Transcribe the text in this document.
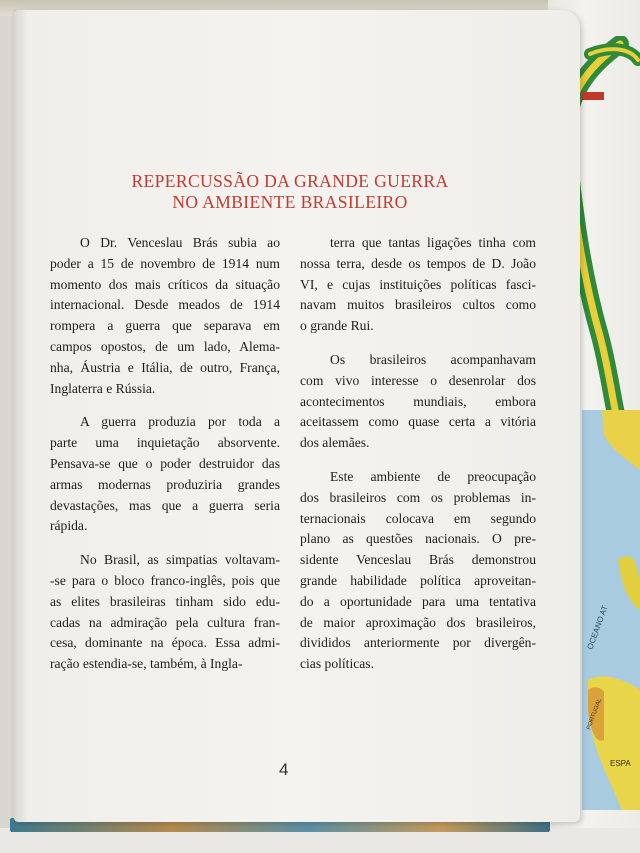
OCEANO AT
PORTUGAL
ESPA
REPERCUSSÃO DA GRANDE GUERRA
NO AMBIENTE BRASILEIRO
O Dr. Venceslau Brás subia ao
poder a 15 de novembro de 1914 num
momento dos mais críticos da situação
internacional. Desde meados de 1914
rompera a guerra que separava em
campos opostos, de um lado, Alema-
nha, Áustria e Itália, de outro, França,
Inglaterra e Rússia.
A guerra produzia por toda a
parte uma inquietação absorvente.
Pensava-se que o poder destruidor das
armas modernas produziria grandes
devastações, mas que a guerra seria
rápida.
No Brasil, as simpatias voltavam-
-se para o bloco franco-inglês, pois que
as elites brasileiras tinham sido edu-
cadas na admiração pela cultura fran-
cesa, dominante na época. Essa admi-
ração estendia-se, também, à Ingla-
terra que tantas ligações tinha com
nossa terra, desde os tempos de D. João
VI, e cujas instituições políticas fasci-
navam muitos brasileiros cultos como
o grande Rui.
Os brasileiros acompanhavam
com vivo interesse o desenrolar dos
acontecimentos mundiais, embora
aceitassem como quase certa a vitória
dos alemães.
Este ambiente de preocupação
dos brasileiros com os problemas in-
ternacionais colocava em segundo
plano as questões nacionais. O pre-
sidente Venceslau Brás demonstrou
grande habilidade política aproveitan-
do a oportunidade para uma tentativa
de maior aproximação dos brasileiros,
divididos anteriormente por divergên-
cias políticas.
4
